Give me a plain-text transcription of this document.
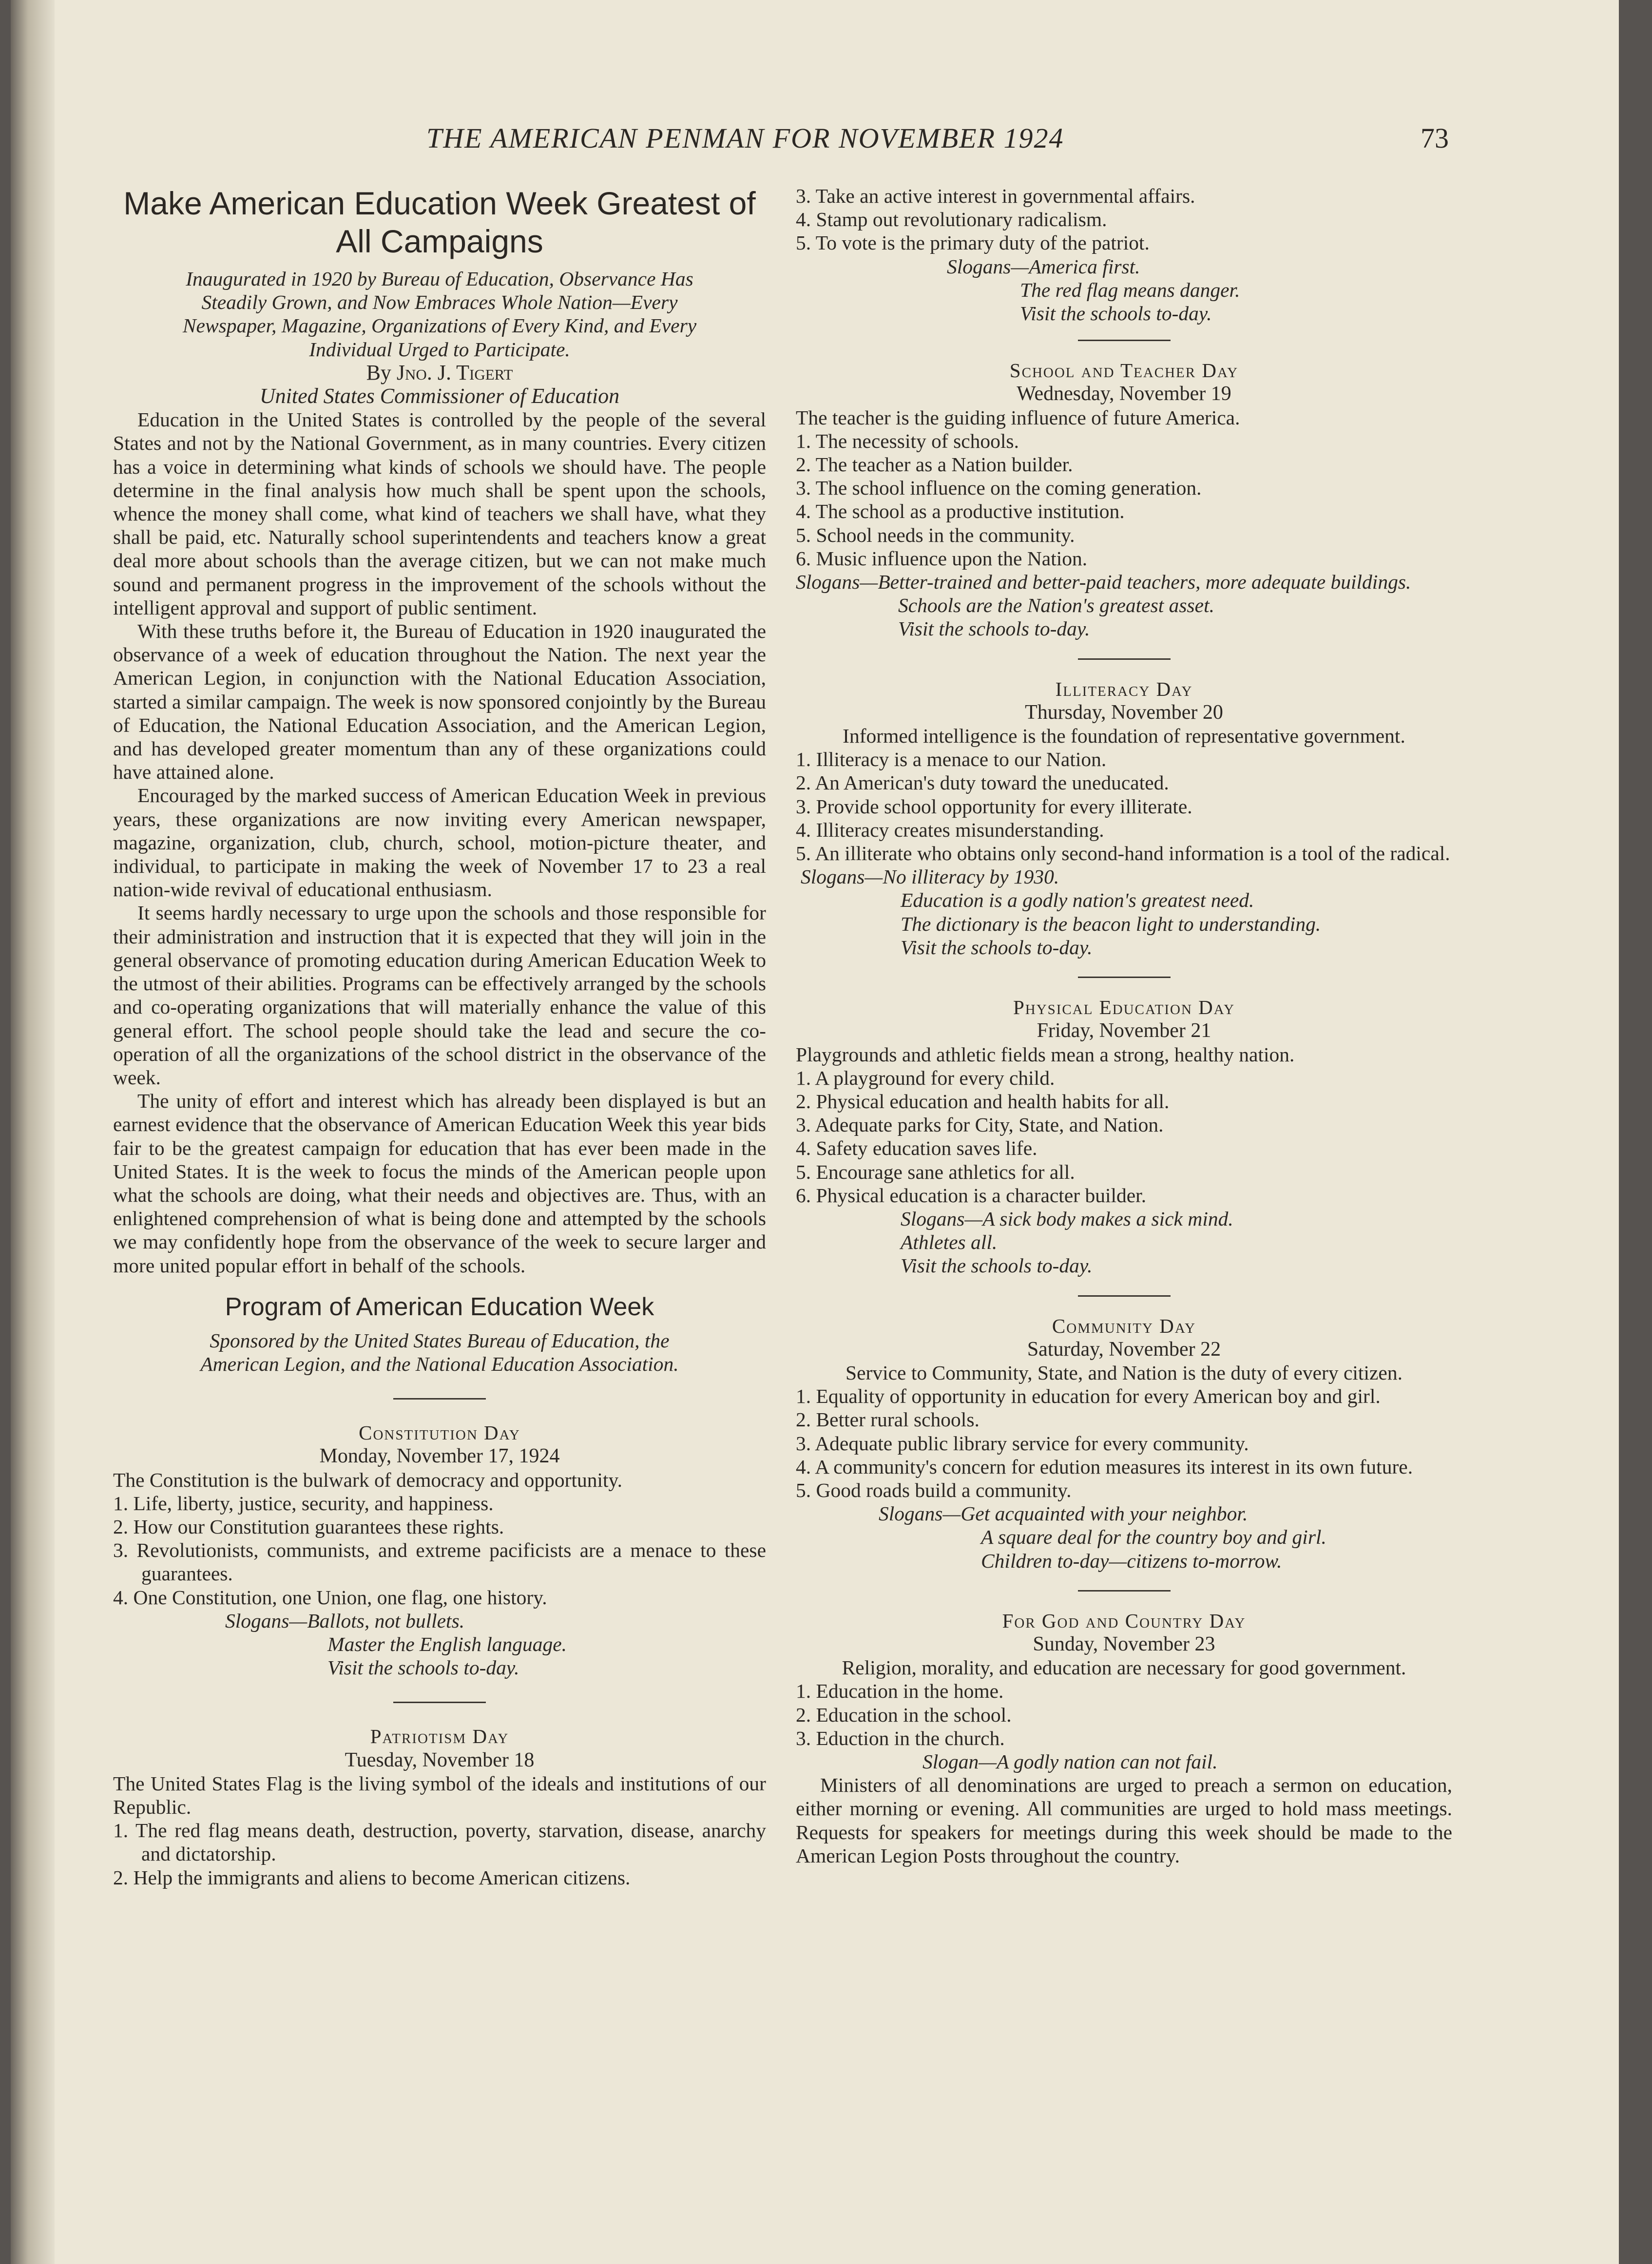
THE AMERICAN PENMAN FOR NOVEMBER 1924	73
Make American Education Week Greatest of
All Campaigns

Inaugurated in 1920 by Bureau of Education, Observance Has
Steadily Grown, and Now Embraces Whole Nation—Every
Newspaper, Magazine, Organizations of Every Kind, and Every
Individual Urged to Participate.

By Jno. J. Tigert

United States Commissioner of Education

Education in the United States is controlled by the people of the several States and not by the National Government, as in many countries. Every citizen has a voice in determining what kinds of schools we should have. The people determine in the final analysis how much shall be spent upon the schools, whence the money shall come, what kind of teachers we shall have, what they shall be paid, etc. Naturally school superintendents and teachers know a great deal more about schools than the average citizen, but we can not make much sound and permanent progress in the improvement of the schools without the intelligent approval and support of public sentiment.

With these truths before it, the Bureau of Education in 1920 inaugurated the observance of a week of education throughout the Nation. The next year the American Legion, in conjunction with the National Education Association, started a similar campaign. The week is now sponsored conjointly by the Bureau of Education, the National Education Association, and the American Legion, and has developed greater momentum than any of these organizations could have attained alone.

Encouraged by the marked success of American Education Week in previous years, these organizations are now inviting every American newspaper, magazine, organization, club, church, school, motion-picture theater, and individual, to participate in making the week of November 17 to 23 a real nation-wide revival of educational enthusiasm.

It seems hardly necessary to urge upon the schools and those responsible for their administration and instruction that it is expected that they will join in the general observance of promoting education during American Education Week to the utmost of their abilities. Programs can be effectively arranged by the schools and co-operating organizations that will materially enhance the value of this general effort. The school people should take the lead and secure the co-operation of all the organizations of the school district in the observance of the week.

The unity of effort and interest which has already been displayed is but an earnest evidence that the observance of American Education Week this year bids fair to be the greatest campaign for education that has ever been made in the United States. It is the week to focus the minds of the American people upon what the schools are doing, what their needs and objectives are. Thus, with an enlightened comprehension of what is being done and attempted by the schools we may confidently hope from the observance of the week to secure larger and more united popular effort in behalf of the schools.

Program of American Education Week

Sponsored by the United States Bureau of Education, the
American Legion, and the National Education Association.

Constitution Day

Monday, November 17, 1924

The Constitution is the bulwark of democracy and opportunity.

1. Life, liberty, justice, security, and happiness.

2. How our Constitution guarantees these rights.

3. Revolutionists, communists, and extreme pacificists are a menace to these guarantees.

4. One Constitution, one Union, one flag, one history.

Slogans—Ballots, not bullets.

Master the English language.

Visit the schools to-day.

Patriotism Day

Tuesday, November 18

The United States Flag is the living symbol of the ideals and institutions of our Republic.

1. The red flag means death, destruction, poverty, starvation, disease, anarchy and dictatorship.

2. Help the immigrants and aliens to become American citizens.

3. Take an active interest in governmental affairs.

4. Stamp out revolutionary radicalism.

5. To vote is the primary duty of the patriot.

Slogans—America first.

The red flag means danger.

Visit the schools to-day.

School and Teacher Day

Wednesday, November 19

The teacher is the guiding influence of future America.

1. The necessity of schools.

2. The teacher as a Nation builder.

3. The school influence on the coming generation.

4. The school as a productive institution.

5. School needs in the community.

6. Music influence upon the Nation.

Slogans—Better-trained and better-paid teachers, more adequate buildings.

Schools are the Nation's greatest asset.

Visit the schools to-day.

Illiteracy Day

Thursday, November 20

Informed intelligence is the foundation of representative government.

1. Illiteracy is a menace to our Nation.

2. An American's duty toward the uneducated.

3. Provide school opportunity for every illiterate.

4. Illiteracy creates misunderstanding.

5. An illiterate who obtains only second-hand information is a tool of the radical.

Slogans—No illiteracy by 1930.

Education is a godly nation's greatest need.

The dictionary is the beacon light to understanding.

Visit the schools to-day.

Physical Education Day

Friday, November 21

Playgrounds and athletic fields mean a strong, healthy nation.

1. A playground for every child.

2. Physical education and health habits for all.

3. Adequate parks for City, State, and Nation.

4. Safety education saves life.

5. Encourage sane athletics for all.

6. Physical education is a character builder.

Slogans—A sick body makes a sick mind.

Athletes all.

Visit the schools to-day.

Community Day

Saturday, November 22

Service to Community, State, and Nation is the duty of every citizen.

1. Equality of opportunity in education for every American boy and girl.

2. Better rural schools.

3. Adequate public library service for every community.

4. A community's concern for edution measures its interest in its own future.

5. Good roads build a community.

Slogans—Get acquainted with your neighbor.

A square deal for the country boy and girl.

Children to-day—citizens to-morrow.

For God and Country Day

Sunday, November 23

Religion, morality, and education are necessary for good government.

1. Education in the home.

2. Education in the school.

3. Eduction in the church.

Slogan—A godly nation can not fail.

Ministers of all denominations are urged to preach a sermon on education, either morning or evening. All communities are urged to hold mass meetings. Requests for speakers for meetings during this week should be made to the American Legion Posts throughout the country.
